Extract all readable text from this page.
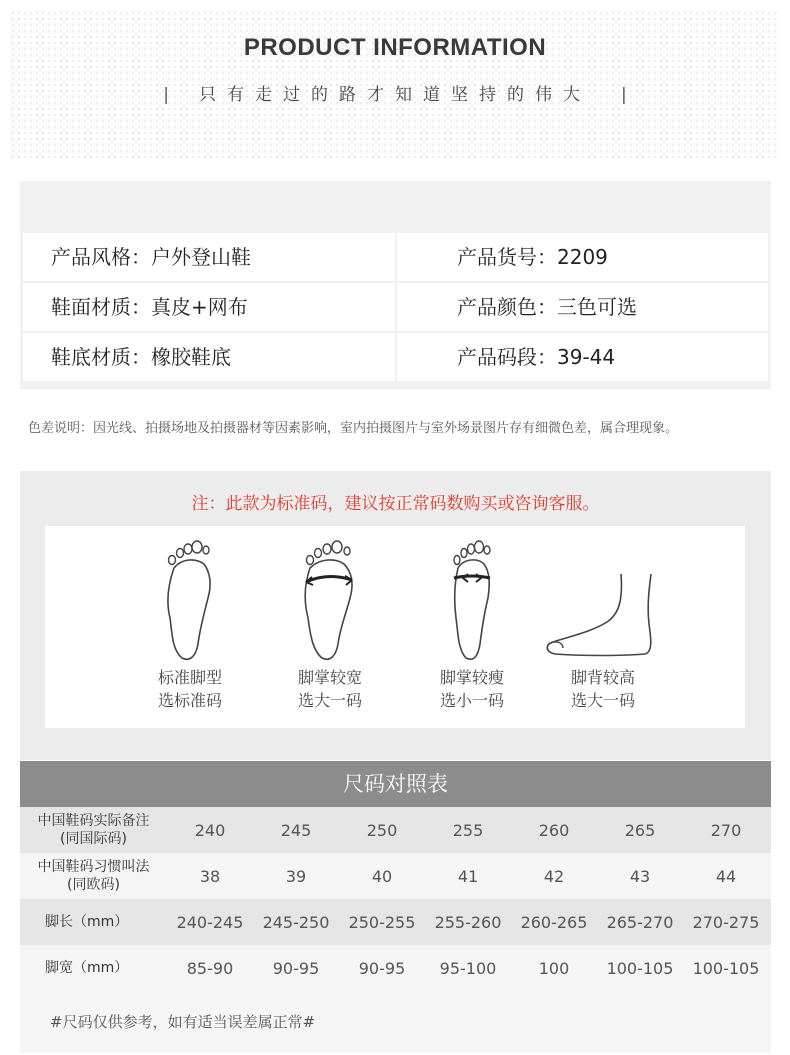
PRODUCT INFORMATION
| 只有走过的路才知道坚持的伟大 |
产品风格：户外登山鞋	产品货号：2209
鞋面材质：真皮+网布	产品颜色：三色可选
鞋底材质：橡胶鞋底	产品码段：39-44
色差说明：因光线、拍摄场地及拍摄器材等因素影响，室内拍摄图片与室外场景图片存有细微色差，属合理现象。
注：此款为标准码，建议按正常码数购买或咨询客服。
标准脚型
选标准码
脚掌较宽
选大一码
脚掌较瘦
选小一码
脚背较高
选大一码
尺码对照表
中国鞋码实际备注
(同国际码)	240	245	250	255	260	265	270
中国鞋码习惯叫法
(同欧码)	38	39	40	41	42	43	44
脚长（mm）	240-245	245-250	250-255	255-260	260-265	265-270	270-275
脚宽（mm）	85-90	90-95	90-95	95-100	100	100-105	100-105
#尺码仅供参考，如有适当误差属正常#
